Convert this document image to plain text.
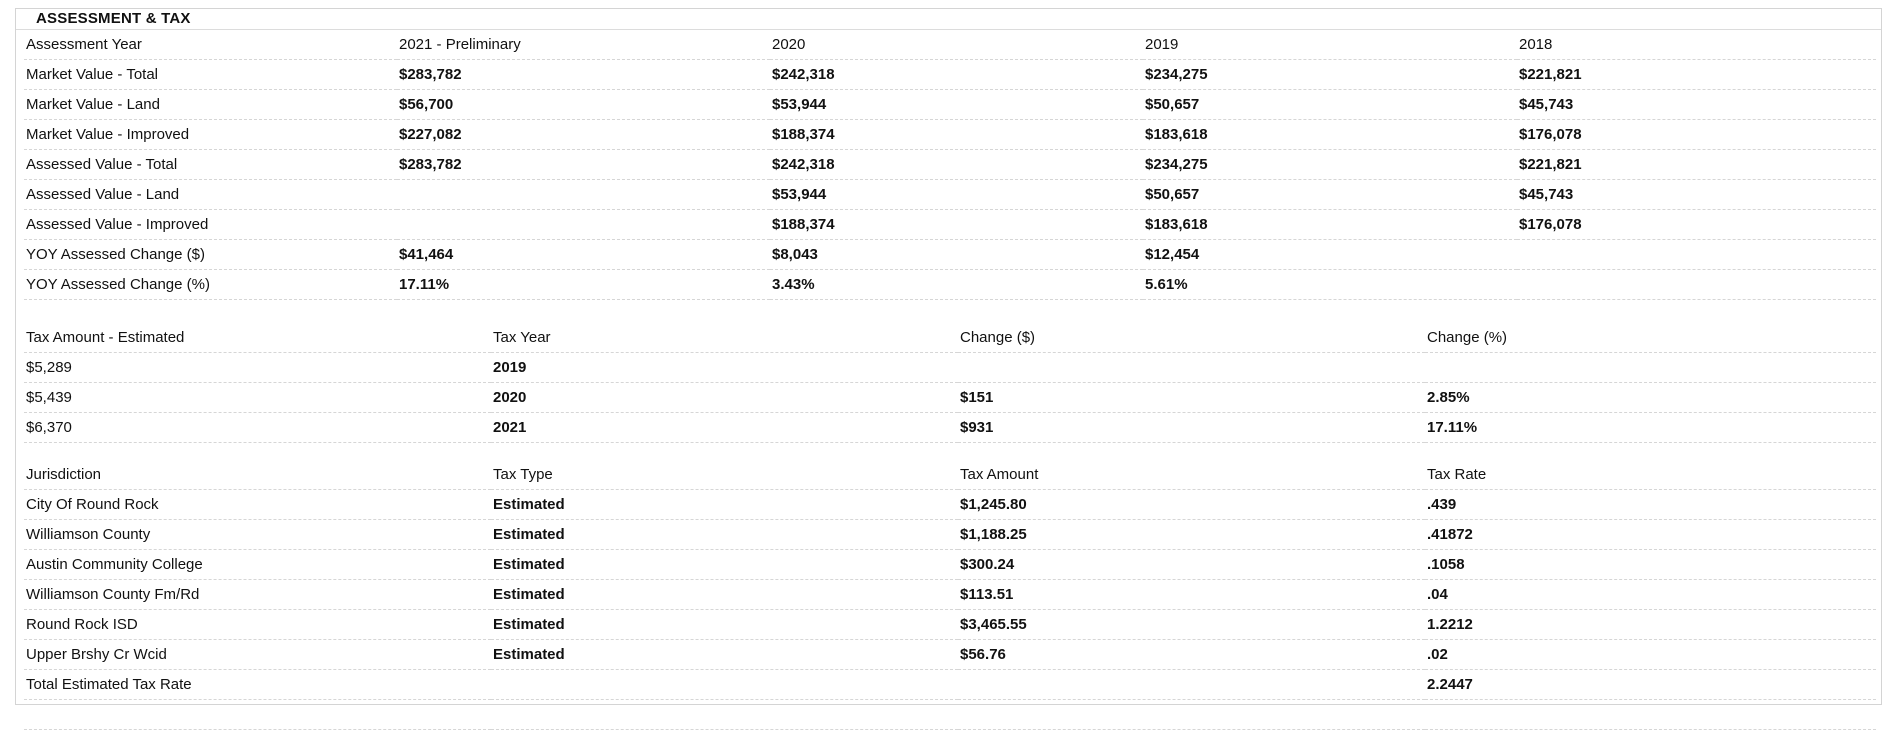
ASSESSMENT & TAX
Assessment Year	2021 - Preliminary	2020	2019	2018
Market Value - Total	$283,782	$242,318	$234,275	$221,821
Market Value - Land	$56,700	$53,944	$50,657	$45,743
Market Value - Improved	$227,082	$188,374	$183,618	$176,078
Assessed Value - Total	$283,782	$242,318	$234,275	$221,821
Assessed Value - Land		$53,944	$50,657	$45,743
Assessed Value - Improved		$188,374	$183,618	$176,078
YOY Assessed Change ($)	$41,464	$8,043	$12,454	
YOY Assessed Change (%)	17.11%	3.43%	5.61%	
Tax Amount - Estimated	Tax Year	Change ($)	Change (%)
$5,289	2019		
$5,439	2020	$151	2.85%
$6,370	2021	$931	17.11%
Jurisdiction	Tax Type	Tax Amount	Tax Rate
City Of Round Rock	Estimated	$1,245.80	.439
Williamson County	Estimated	$1,188.25	.41872
Austin Community College	Estimated	$300.24	.1058
Williamson County Fm/Rd	Estimated	$113.51	.04
Round Rock ISD	Estimated	$3,465.55	1.2212
Upper Brshy Cr Wcid	Estimated	$56.76	.02
Total Estimated Tax Rate			2.2447
